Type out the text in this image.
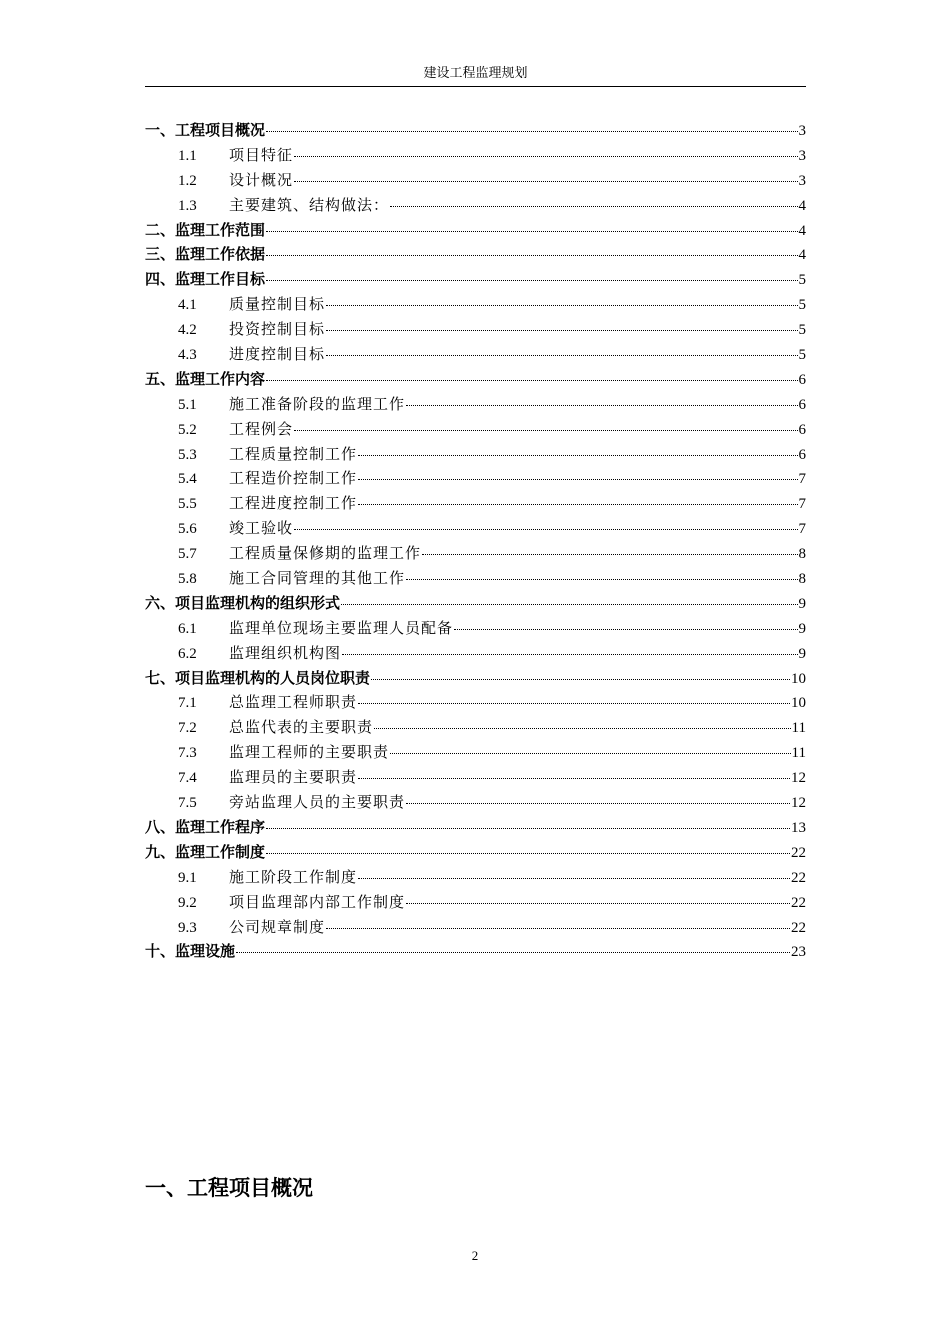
建设工程监理规划
一、工程项目概况	3
1.1	项目特征	3
1.2	设计概况	3
1.3	主要建筑、结构做法：	4
二、监理工作范围	4
三、监理工作依据	4
四、监理工作目标	5
4.1	质量控制目标	5
4.2	投资控制目标	5
4.3	进度控制目标	5
五、监理工作内容	6
5.1	施工准备阶段的监理工作	6
5.2	工程例会	6
5.3	工程质量控制工作	6
5.4	工程造价控制工作	7
5.5	工程进度控制工作	7
5.6	竣工验收	7
5.7	工程质量保修期的监理工作	8
5.8	施工合同管理的其他工作	8
六、项目监理机构的组织形式	9
6.1	监理单位现场主要监理人员配备	9
6.2	监理组织机构图	9
七、项目监理机构的人员岗位职责	10
7.1	总监理工程师职责	10
7.2	总监代表的主要职责	11
7.3	监理工程师的主要职责	11
7.4	监理员的主要职责	12
7.5	旁站监理人员的主要职责	12
八、监理工作程序	13
九、监理工作制度	22
9.1	施工阶段工作制度	22
9.2	项目监理部内部工作制度	22
9.3	公司规章制度	22
十、监理设施	23
一、工程项目概况
2
